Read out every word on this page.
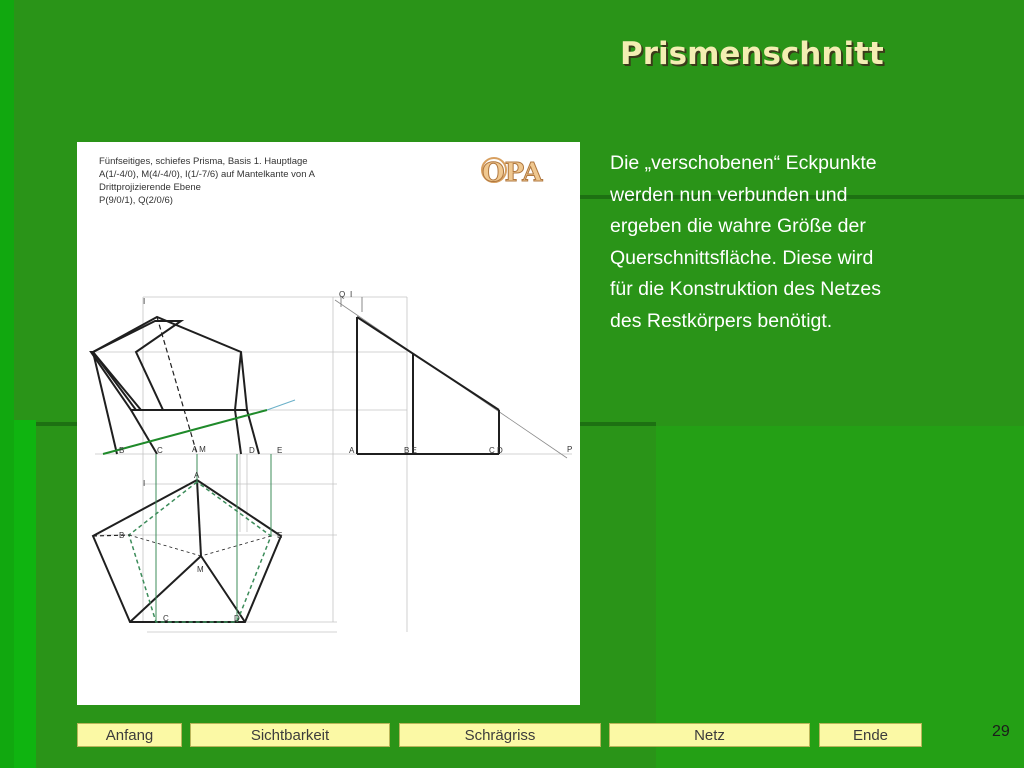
Prismenschnitt
Fünfseitiges, schiefes Prisma, Basis 1. Hauptlage
A(1/-4/0), M(4/-4/0), I(1/-7/6) auf Mantelkante von A
Drittprojizierende Ebene
P(9/0/1), Q(2/0/6)
OPA
I
Q I
B	C	A M	D	E	A	B E	C D	P
A
I
B	E
M
C	D
Die „verschobenen“ Eckpunkte
werden nun verbunden und
ergeben die wahre Größe der
Querschnittsfläche. Diese wird
für die Konstruktion des Netzes
des Restkörpers benötigt.
Anfang	Sichtbarkeit	Schrägriss	Netz	Ende	29
